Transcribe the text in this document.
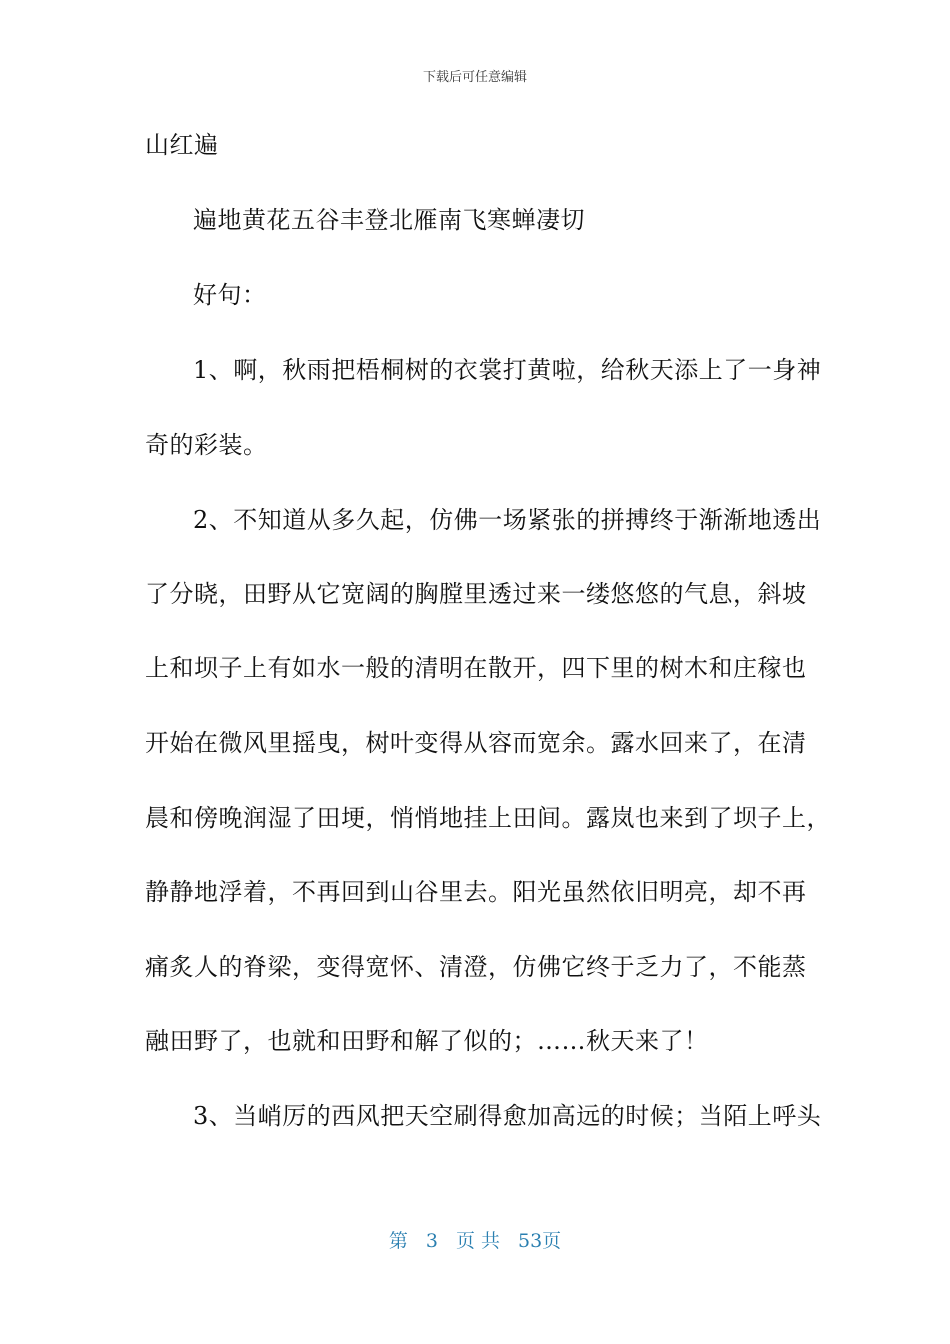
下载后可任意编辑
山红遍
遍地黄花五谷丰登北雁南飞寒蝉凄切
好句：
1、啊，秋雨把梧桐树的衣裳打黄啦，给秋天添上了一身神
奇的彩装。
2、不知道从多久起，仿佛一场紧张的拼搏终于渐渐地透出
了分晓，田野从它宽阔的胸膛里透过来一缕悠悠的气息，斜坡
上和坝子上有如水一般的清明在散开，四下里的树木和庄稼也
开始在微风里摇曳，树叶变得从容而宽余。露水回来了，在清
晨和傍晚润湿了田埂，悄悄地挂上田间。露岚也来到了坝子上，
静静地浮着，不再回到山谷里去。阳光虽然依旧明亮，却不再
痛炙人的脊梁，变得宽怀、清澄，仿佛它终于乏力了，不能蒸
融田野了，也就和田野和解了似的；……秋天来了！
3、当峭厉的西风把天空刷得愈加高远的时候；当陌上呼头
第 3 页 共 53页
